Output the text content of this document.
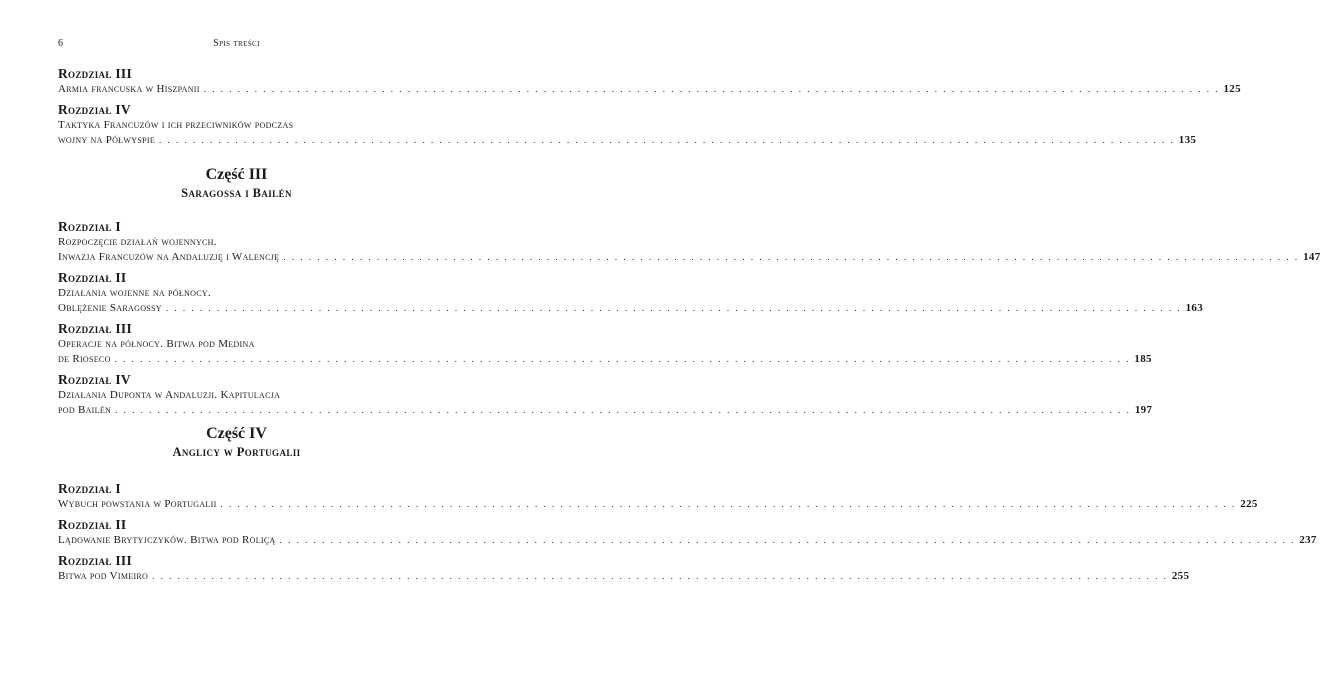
6	Spis treści
Rozdział III
Armia francuska w Hiszpanii . . . . . . . . . . . . . . . . . . . . . . . . . . . . . . . . . . . . . . . . . . . . . . . . . . . . . . . . . . . . . . . . . . . . . . . . . . . . . . . . . . . . . . . . . . . . . . . . . . . . . . . . . . . . . . . . . . . . . . . . 125
Rozdział IV
Taktyka Francuzów i ich przeciwników podczas
wojny na Półwyspie . . . . . . . . . . . . . . . . . . . . . . . . . . . . . . . . . . . . . . . . . . . . . . . . . . . . . . . . . . . . . . . . . . . . . . . . . . . . . . . . . . . . . . . . . . . . . . . . . . . . . . . . . . . . . . . . . . . . . . . . 135
Część III
Saragossa i Bailén
Rozdział I
Rozpoczęcie działań wojennych.
Inwazja Francuzów na Andaluzję i Walencję . . . . . . . . . . . . . . . . . . . . . . . . . . . . . . . . . . . . . . . . . . . . . . . . . . . . . . . . . . . . . . . . . . . . . . . . . . . . . . . . . . . . . . . . . . . . . . . . . . . . . . . . . . . . . . . . . . . . . . . . 147
Rozdział II
Działania wojenne na północy.
Oblężenie Saragossy . . . . . . . . . . . . . . . . . . . . . . . . . . . . . . . . . . . . . . . . . . . . . . . . . . . . . . . . . . . . . . . . . . . . . . . . . . . . . . . . . . . . . . . . . . . . . . . . . . . . . . . . . . . . . . . . . . . . . . . . 163
Rozdział III
Operacje na północy. Bitwa pod Medina
de Rioseco . . . . . . . . . . . . . . . . . . . . . . . . . . . . . . . . . . . . . . . . . . . . . . . . . . . . . . . . . . . . . . . . . . . . . . . . . . . . . . . . . . . . . . . . . . . . . . . . . . . . . . . . . . . . . . . . . . . . . . . . 185
Rozdział IV
Działania Duponta w Andaluzji. Kapitulacja
pod Bailén . . . . . . . . . . . . . . . . . . . . . . . . . . . . . . . . . . . . . . . . . . . . . . . . . . . . . . . . . . . . . . . . . . . . . . . . . . . . . . . . . . . . . . . . . . . . . . . . . . . . . . . . . . . . . . . . . . . . . . . . 197
Część IV
Anglicy w Portugalii
Rozdział I
Wybuch powstania w Portugalii . . . . . . . . . . . . . . . . . . . . . . . . . . . . . . . . . . . . . . . . . . . . . . . . . . . . . . . . . . . . . . . . . . . . . . . . . . . . . . . . . . . . . . . . . . . . . . . . . . . . . . . . . . . . . . . . . . . . . . . . 225
Rozdział II
Lądowanie Brytyjczyków. Bitwa pod Roliçą . . . . . . . . . . . . . . . . . . . . . . . . . . . . . . . . . . . . . . . . . . . . . . . . . . . . . . . . . . . . . . . . . . . . . . . . . . . . . . . . . . . . . . . . . . . . . . . . . . . . . . . . . . . . . . . . . . . . . . . . 237
Rozdział III
Bitwa pod Vimeiro . . . . . . . . . . . . . . . . . . . . . . . . . . . . . . . . . . . . . . . . . . . . . . . . . . . . . . . . . . . . . . . . . . . . . . . . . . . . . . . . . . . . . . . . . . . . . . . . . . . . . . . . . . . . . . . . . . . . . . . . 255
